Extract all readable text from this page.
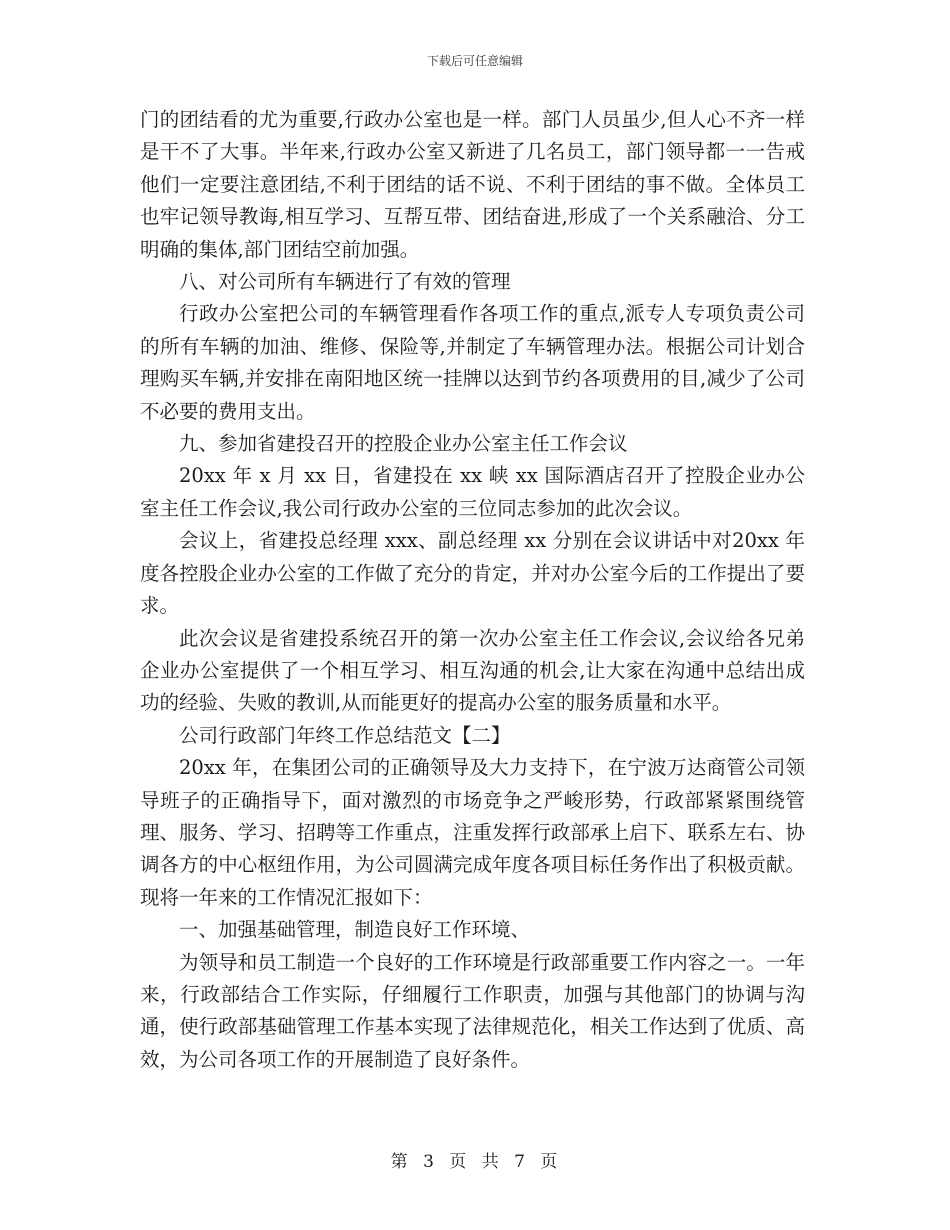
下载后可任意编辑

门的团结看的尤为重要,行政办公室也是一样。部门人员虽少,但人心不齐一样是干不了大事。半年来,行政办公室又新进了几名员工，部门领导都一一告戒他们一定要注意团结,不利于团结的话不说、不利于团结的事不做。全体员工也牢记领导教诲,相互学习、互帮互带、团结奋进,形成了一个关系融洽、分工明确的集体,部门团结空前加强。

八、对公司所有车辆进行了有效的管理

行政办公室把公司的车辆管理看作各项工作的重点,派专人专项负责公司的所有车辆的加油、维修、保险等,并制定了车辆管理办法。根据公司计划合理购买车辆,并安排在南阳地区统一挂牌以达到节约各项费用的目,减少了公司不必要的费用支出。

九、参加省建投召开的控股企业办公室主任工作会议

20xx 年 x 月 xx 日，省建投在 xx 峡 xx 国际酒店召开了控股企业办公室主任工作会议,我公司行政办公室的三位同志参加的此次会议。

会议上，省建投总经理 xxx、副总经理 xx 分别在会议讲话中对20xx 年度各控股企业办公室的工作做了充分的肯定，并对办公室今后的工作提出了要求。

此次会议是省建投系统召开的第一次办公室主任工作会议,会议给各兄弟企业办公室提供了一个相互学习、相互沟通的机会,让大家在沟通中总结出成功的经验、失败的教训,从而能更好的提高办公室的服务质量和水平。

公司行政部门年终工作总结范文【二】

20xx 年，在集团公司的正确领导及大力支持下，在宁波万达商管公司领导班子的正确指导下，面对激烈的市场竞争之严峻形势，行政部紧紧围绕管理、服务、学习、招聘等工作重点，注重发挥行政部承上启下、联系左右、协调各方的中心枢纽作用，为公司圆满完成年度各项目标任务作出了积极贡献。现将一年来的工作情况汇报如下：

一、加强基础管理，制造良好工作环境、

为领导和员工制造一个良好的工作环境是行政部重要工作内容之一。一年来，行政部结合工作实际，仔细履行工作职责，加强与其他部门的协调与沟通，使行政部基础管理工作基本实现了法律规范化，相关工作达到了优质、高效，为公司各项工作的开展制造了良好条件。

第 3 页 共 7 页
